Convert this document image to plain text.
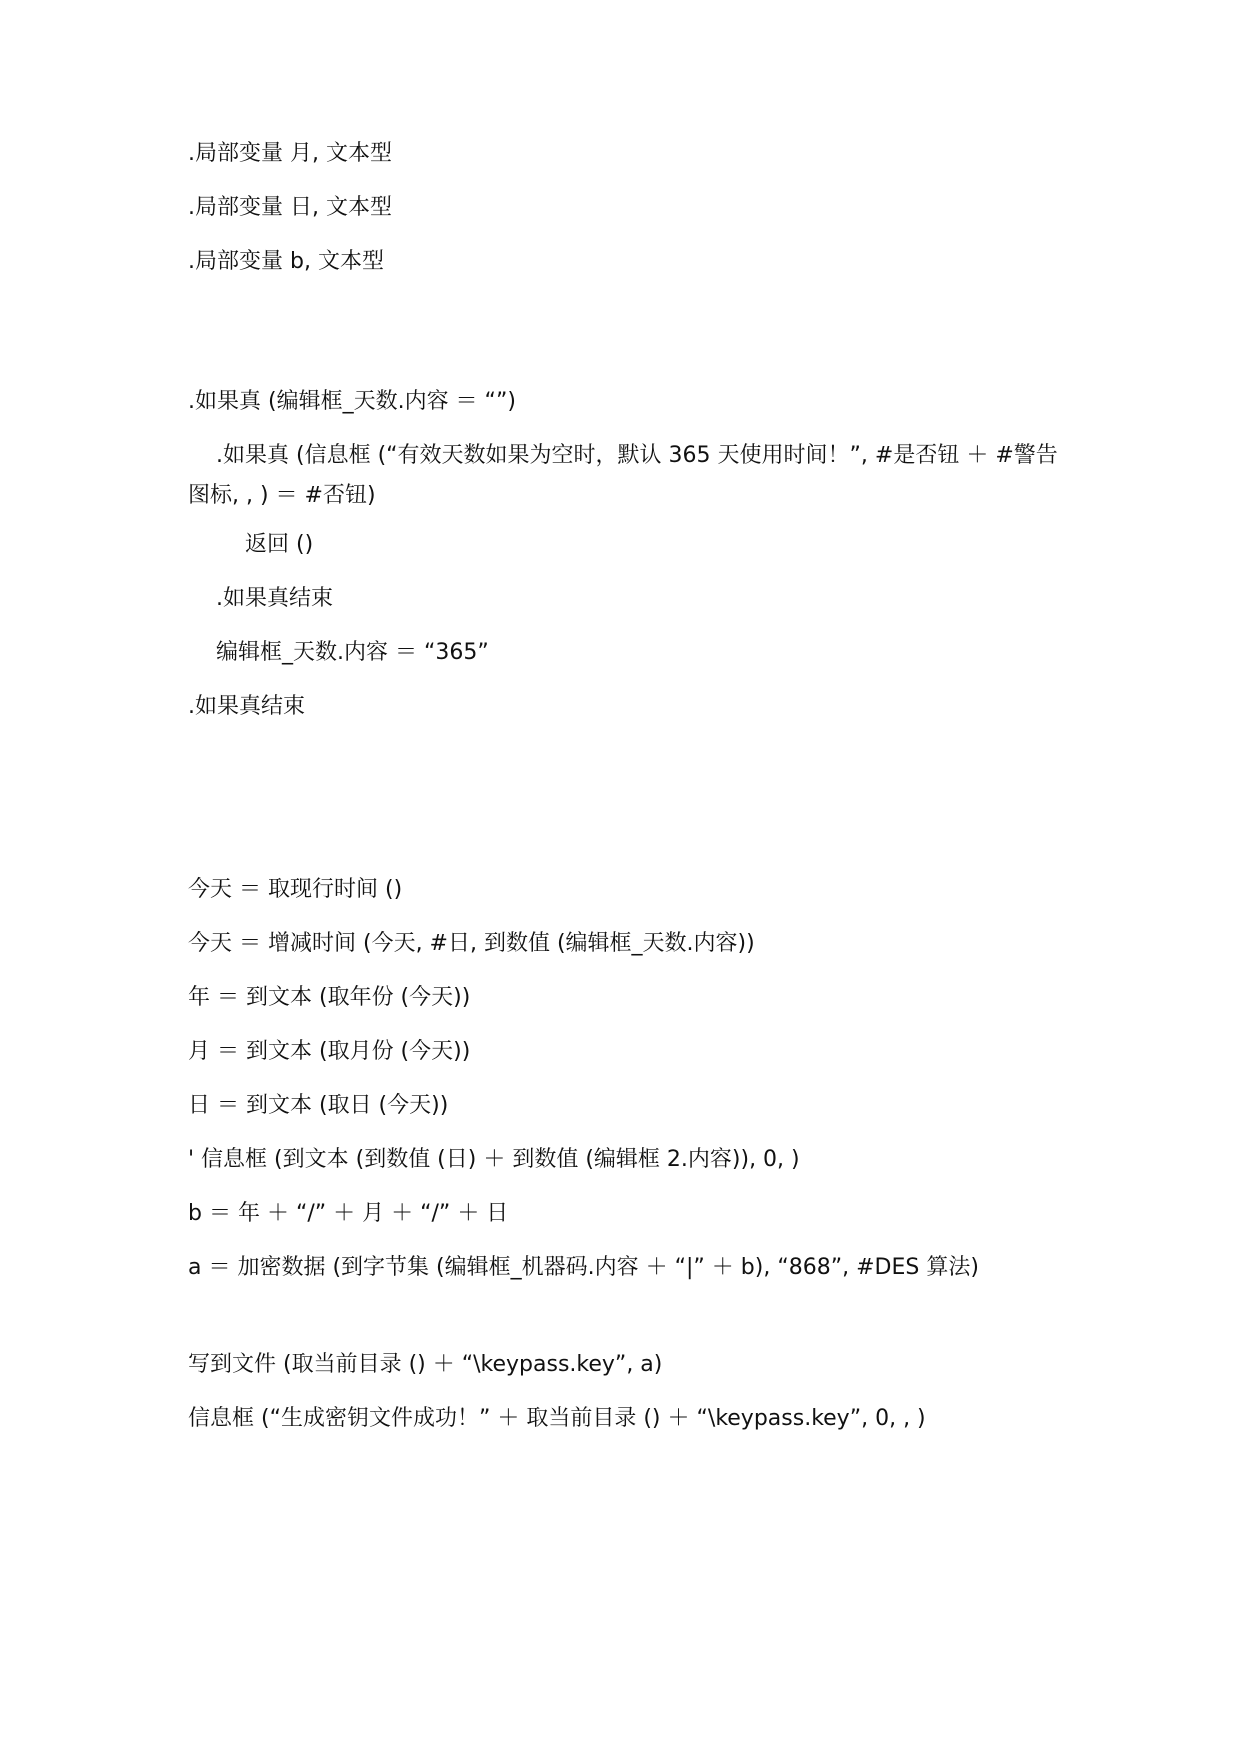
.局部变量 月, 文本型
.局部变量 日, 文本型
.局部变量 b, 文本型
.如果真 (编辑框_天数.内容 ＝ “”)
.如果真 (信息框 (“有效天数如果为空时，默认 365 天使用时间！”, #是否钮 ＋ #警告图标, , ) ＝ #否钮)
返回 ()
.如果真结束
编辑框_天数.内容 ＝ “365”
.如果真结束
今天 ＝ 取现行时间 ()
今天 ＝ 增减时间 (今天, #日, 到数值 (编辑框_天数.内容))
年 ＝ 到文本 (取年份 (今天))
月 ＝ 到文本 (取月份 (今天))
日 ＝ 到文本 (取日 (今天))
' 信息框 (到文本 (到数值 (日) ＋ 到数值 (编辑框 2.内容)), 0, )
b ＝ 年 ＋ “/” ＋ 月 ＋ “/” ＋ 日
a ＝ 加密数据 (到字节集 (编辑框_机器码.内容 ＋ “|” ＋ b), “868”, #DES 算法)
写到文件 (取当前目录 () ＋ “\keypass.key”, a)
信息框 (“生成密钥文件成功！” ＋ 取当前目录 () ＋ “\keypass.key”, 0, , )
